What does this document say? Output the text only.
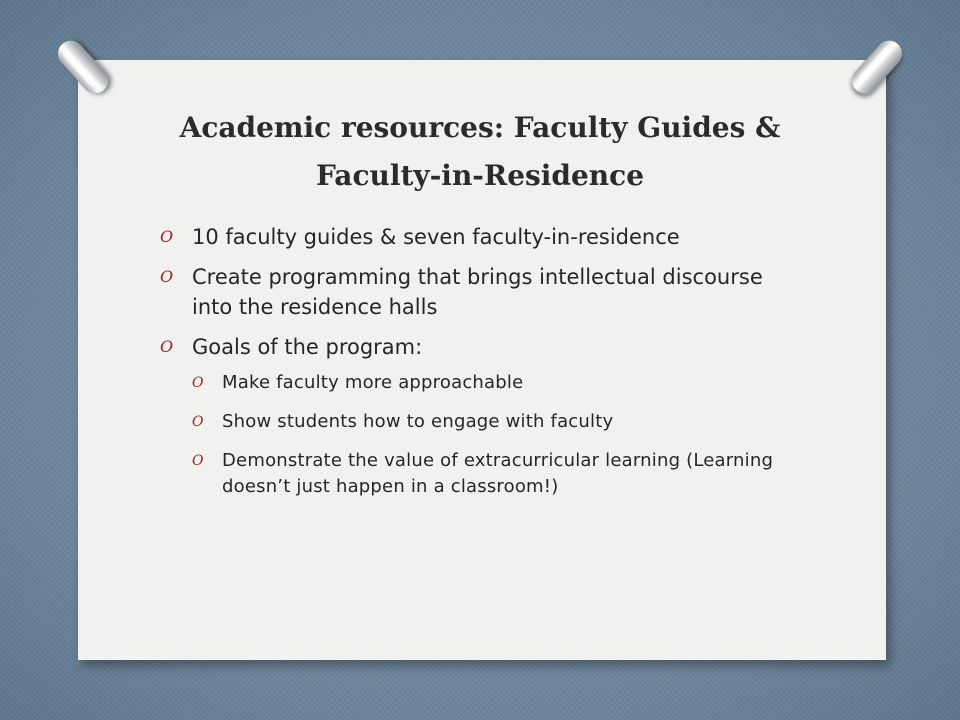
Academic resources: Faculty Guides &
Faculty-in-Residence
O 10 faculty guides & seven faculty-in-residence
O Create programming that brings intellectual discourse into the residence halls
O Goals of the program:
O Make faculty more approachable
O Show students how to engage with faculty
O Demonstrate the value of extracurricular learning (Learning doesn’t just happen in a classroom!)
